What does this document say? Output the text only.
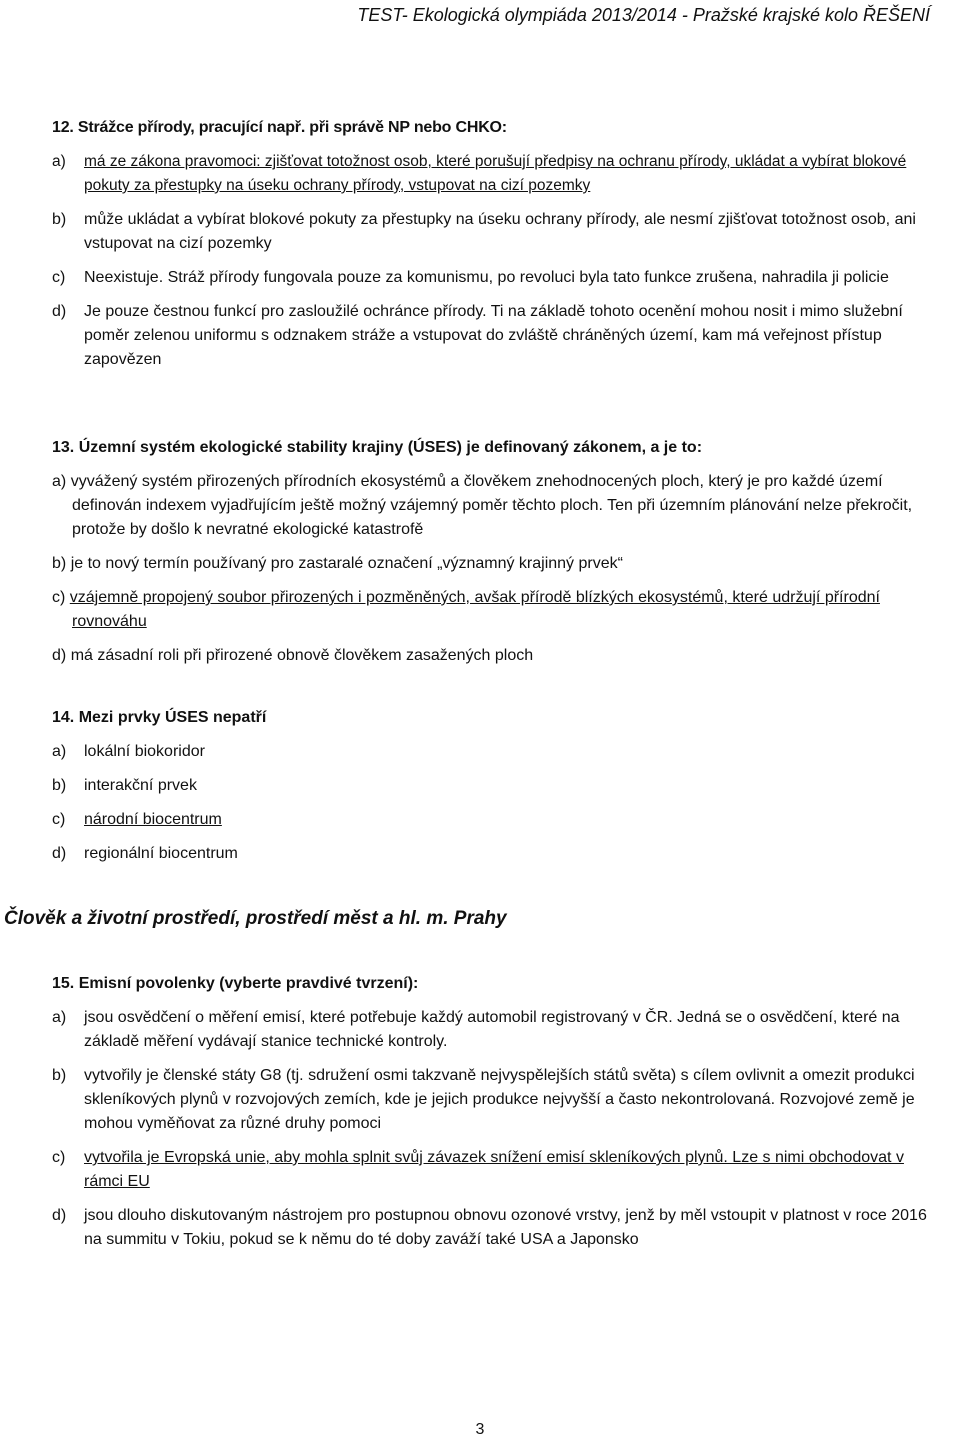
TEST- Ekologická olympiáda 2013/2014 - Pražské krajské kolo ŘEŠENÍ
12. Strážce přírody, pracující např. při správě NP nebo CHKO:
a) má ze zákona pravomoci: zjišťovat totožnost osob, které porušují předpisy na ochranu přírody, ukládat a vybírat blokové pokuty za přestupky na úseku ochrany přírody, vstupovat na cizí pozemky
b) může ukládat a vybírat blokové pokuty za přestupky na úseku ochrany přírody, ale nesmí zjišťovat totožnost osob, ani vstupovat na cizí pozemky
c) Neexistuje. Stráž přírody fungovala pouze za komunismu, po revoluci byla tato funkce zrušena, nahradila ji policie
d) Je pouze čestnou funkcí pro zasloužilé ochránce přírody. Ti na základě tohoto ocenění mohou nosit i mimo služební poměr zelenou uniformu s odznakem stráže a vstupovat do zvláště chráněných území, kam má veřejnost přístup zapovězen
13. Územní systém ekologické stability krajiny (ÚSES) je definovaný zákonem, a je to:
a) vyvážený systém přirozených přírodních ekosystémů a člověkem znehodnocených ploch, který je pro každé území definován indexem vyjadřujícím ještě možný vzájemný poměr těchto ploch. Ten při územním plánování nelze překročit, protože by došlo k nevratné ekologické katastrofě
b) je to nový termín používaný pro zastaralé označení „významný krajinný prvek“
c) vzájemně propojený soubor přirozených i pozměněných, avšak přírodě blízkých ekosystémů, které udržují přírodní rovnováhu
d) má zásadní roli při přirozené obnově člověkem zasažených ploch
14. Mezi prvky ÚSES nepatří
a) lokální biokoridor
b) interakční prvek
c) národní biocentrum
d) regionální biocentrum
Člověk a životní prostředí, prostředí měst a hl. m. Prahy
15. Emisní povolenky (vyberte pravdivé tvrzení):
a) jsou osvědčení o měření emisí, které potřebuje každý automobil registrovaný v ČR. Jedná se o osvědčení, které na základě měření vydávají stanice technické kontroly.
b) vytvořily je členské státy G8 (tj. sdružení osmi takzvaně nejvyspělejších států světa) s cílem ovlivnit a omezit produkci skleníkových plynů v rozvojových zemích, kde je jejich produkce nejvyšší a často nekontrolovaná. Rozvojové země je mohou vyměňovat za různé druhy pomoci
c) vytvořila je Evropská unie, aby mohla splnit svůj závazek snížení emisí skleníkových plynů. Lze s nimi obchodovat v rámci EU
d) jsou dlouho diskutovaným nástrojem pro postupnou obnovu ozonové vrstvy, jenž by měl vstoupit v platnost v roce 2016 na summitu v Tokiu, pokud se k němu do té doby zaváží také USA a Japonsko
3
